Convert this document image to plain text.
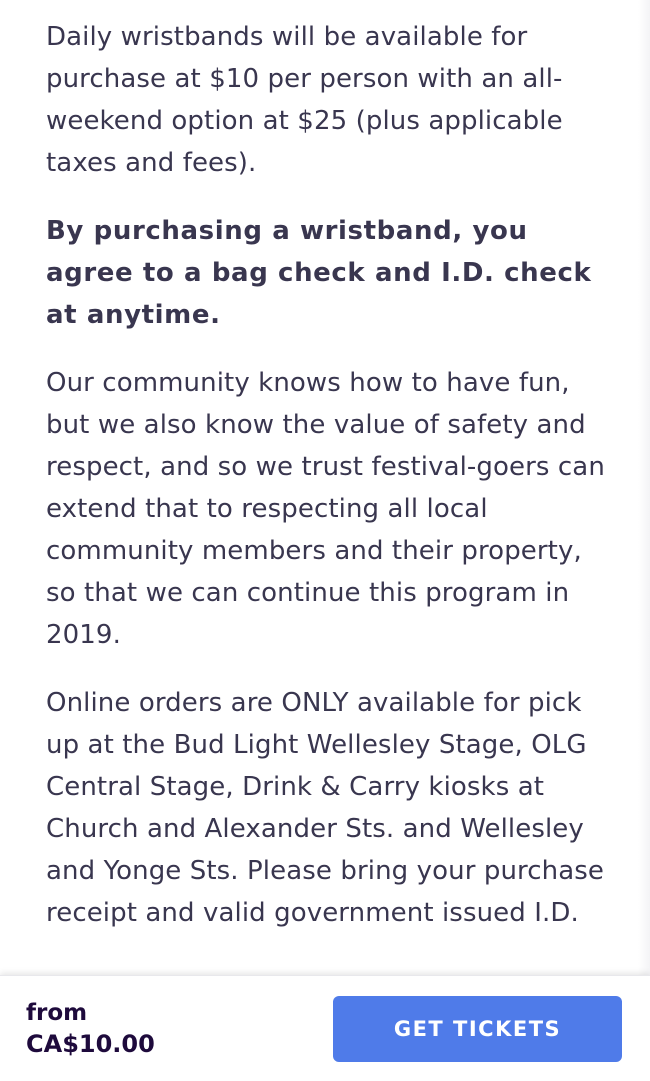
Daily wristbands will be available for purchase at $10 per person with an all-weekend option at $25 (plus applicable taxes and fees).

By purchasing a wristband, you agree to a bag check and I.D. check at anytime.

Our community knows how to have fun, but we also know the value of safety and respect, and so we trust festival-goers can extend that to respecting all local community members and their property, so that we can continue this program in 2019.

Online orders are ONLY available for pick up at the Bud Light Wellesley Stage, OLG Central Stage, Drink & Carry kiosks at Church and Alexander Sts. and Wellesley and Yonge Sts. Please bring your purchase receipt and valid government issued I.D.

from
CA$10.00
GET TICKETS
